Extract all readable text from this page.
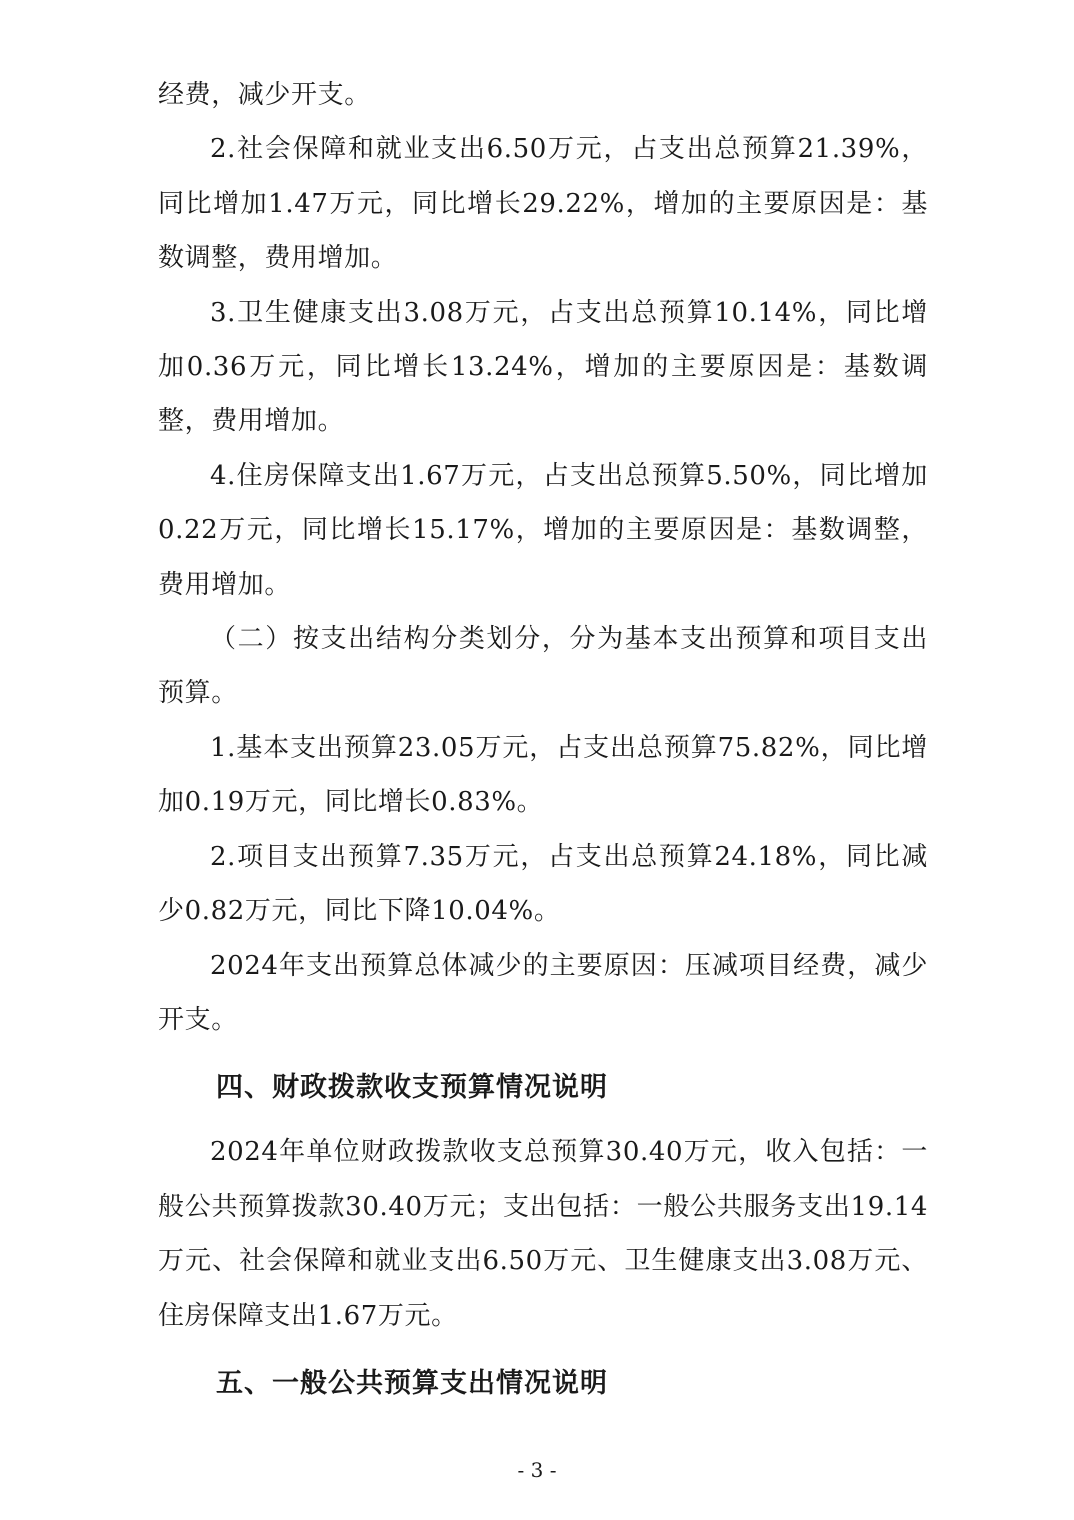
经费，减少开支。

2.社会保障和就业支出6.50万元，占支出总预算21.39%，同比增加1.47万元，同比增长29.22%，增加的主要原因是：基数调整，费用增加。

3.卫生健康支出3.08万元，占支出总预算10.14%，同比增加0.36万元，同比增长13.24%，增加的主要原因是：基数调整，费用增加。

4.住房保障支出1.67万元，占支出总预算5.50%，同比增加0.22万元，同比增长15.17%，增加的主要原因是：基数调整，费用增加。

（二）按支出结构分类划分，分为基本支出预算和项目支出预算。

1.基本支出预算23.05万元，占支出总预算75.82%，同比增加0.19万元，同比增长0.83%。

2.项目支出预算7.35万元，占支出总预算24.18%，同比减少0.82万元，同比下降10.04%。

2024年支出预算总体减少的主要原因：压减项目经费，减少开支。

四、财政拨款收支预算情况说明

2024年单位财政拨款收支总预算30.40万元，收入包括：一般公共预算拨款30.40万元；支出包括：一般公共服务支出19.14万元、社会保障和就业支出6.50万元、卫生健康支出3.08万元、住房保障支出1.67万元。

五、一般公共预算支出情况说明
- 3 -
